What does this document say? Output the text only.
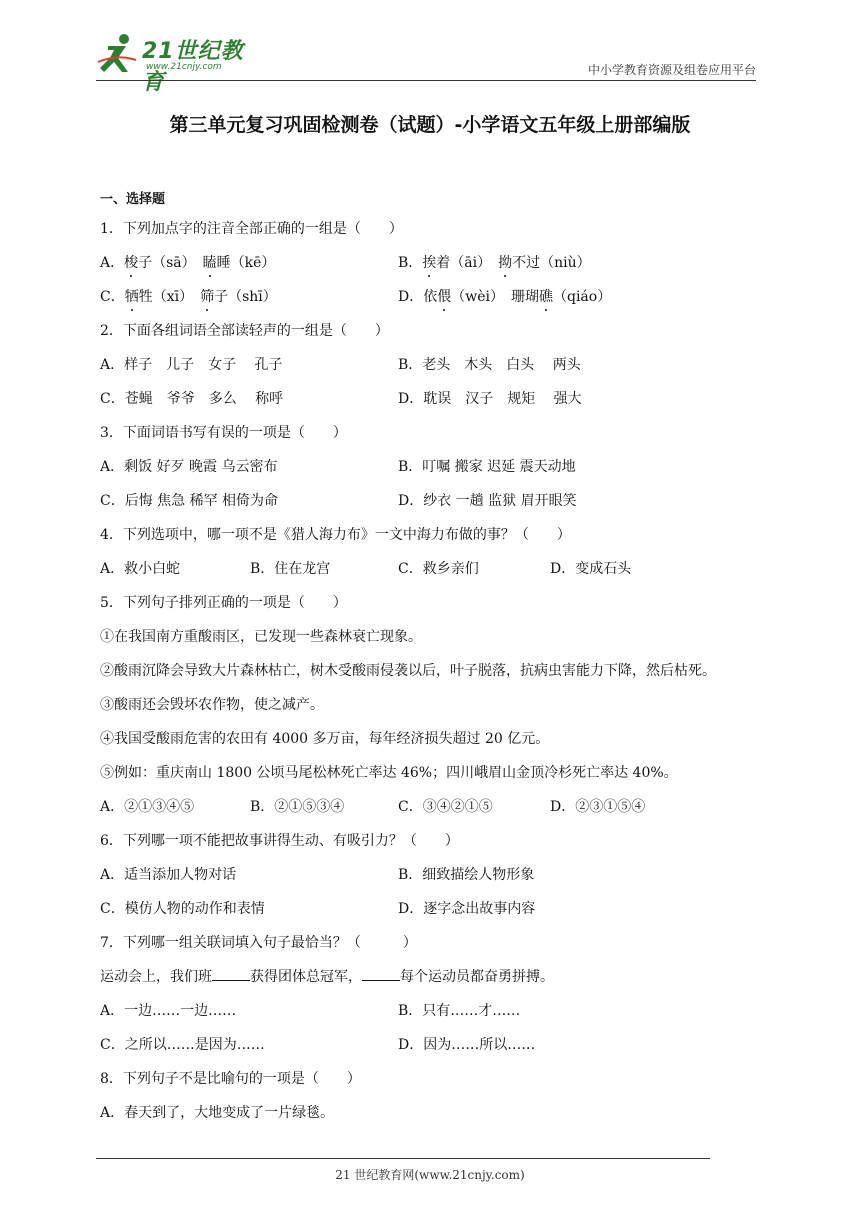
21世纪教育
www.21cnjy.com	中小学教育资源及组卷应用平台
第三单元复习巩固检测卷（试题）-小学语文五年级上册部编版
一、选择题
1．下列加点字的注音全部正确的一组是（　　）
A．梭子（sā）　瞌睡（kē）	B．挨着（āi）　拗不过（niù）
C．牺牲（xī）　筛子（shī）	D．依偎（wèi）　珊瑚礁（qiáo）
2．下面各组词语全部读轻声的一组是（　　）
A．样子　儿子　女子　 孔子	B．老头　木头　白头　 两头
C．苍蝇　爷爷　多么　 称呼	D．耽误　汉子　规矩　 强大
3．下面词语书写有误的一项是（　　）
A．剩饭 好歹 晚霞 乌云密布	B．叮嘱 搬家 迟延 震天动地
C．后悔 焦急 稀罕 相倚为命	D．纱衣 一趟 监狱 眉开眼笑
4．下列选项中，哪一项不是《猎人海力布》一文中海力布做的事？（　　）
A．救小白蛇	B．住在龙宫	C．救乡亲们	D．变成石头
5．下列句子排列正确的一项是（　　）
①在我国南方重酸雨区，已发现一些森林衰亡现象。
②酸雨沉降会导致大片森林枯亡，树木受酸雨侵袭以后，叶子脱落，抗病虫害能力下降，然后枯死。
③酸雨还会毁坏农作物，使之减产。
④我国受酸雨危害的农田有 4000 多万亩，每年经济损失超过 20 亿元。
⑤例如：重庆南山 1800 公顷马尾松林死亡率达 46%；四川峨眉山金顶冷杉死亡率达 40%。
A．②①③④⑤	B．②①⑤③④	C．③④②①⑤	D．②③①⑤④
6．下列哪一项不能把故事讲得生动、有吸引力？（　　）
A．适当添加人物对话	B．细致描绘人物形象
C．模仿人物的动作和表情	D．逐字念出故事内容
7．下列哪一组关联词填入句子最恰当？（　　　）
运动会上，我们班	获得团体总冠军，	每个运动员都奋勇拼搏。
A．一边……一边……	B．只有……才……
C．之所以……是因为……	D．因为……所以……
8．下列句子不是比喻句的一项是（　　）
A．春天到了，大地变成了一片绿毯。
21 世纪教育网(www.21cnjy.com)
